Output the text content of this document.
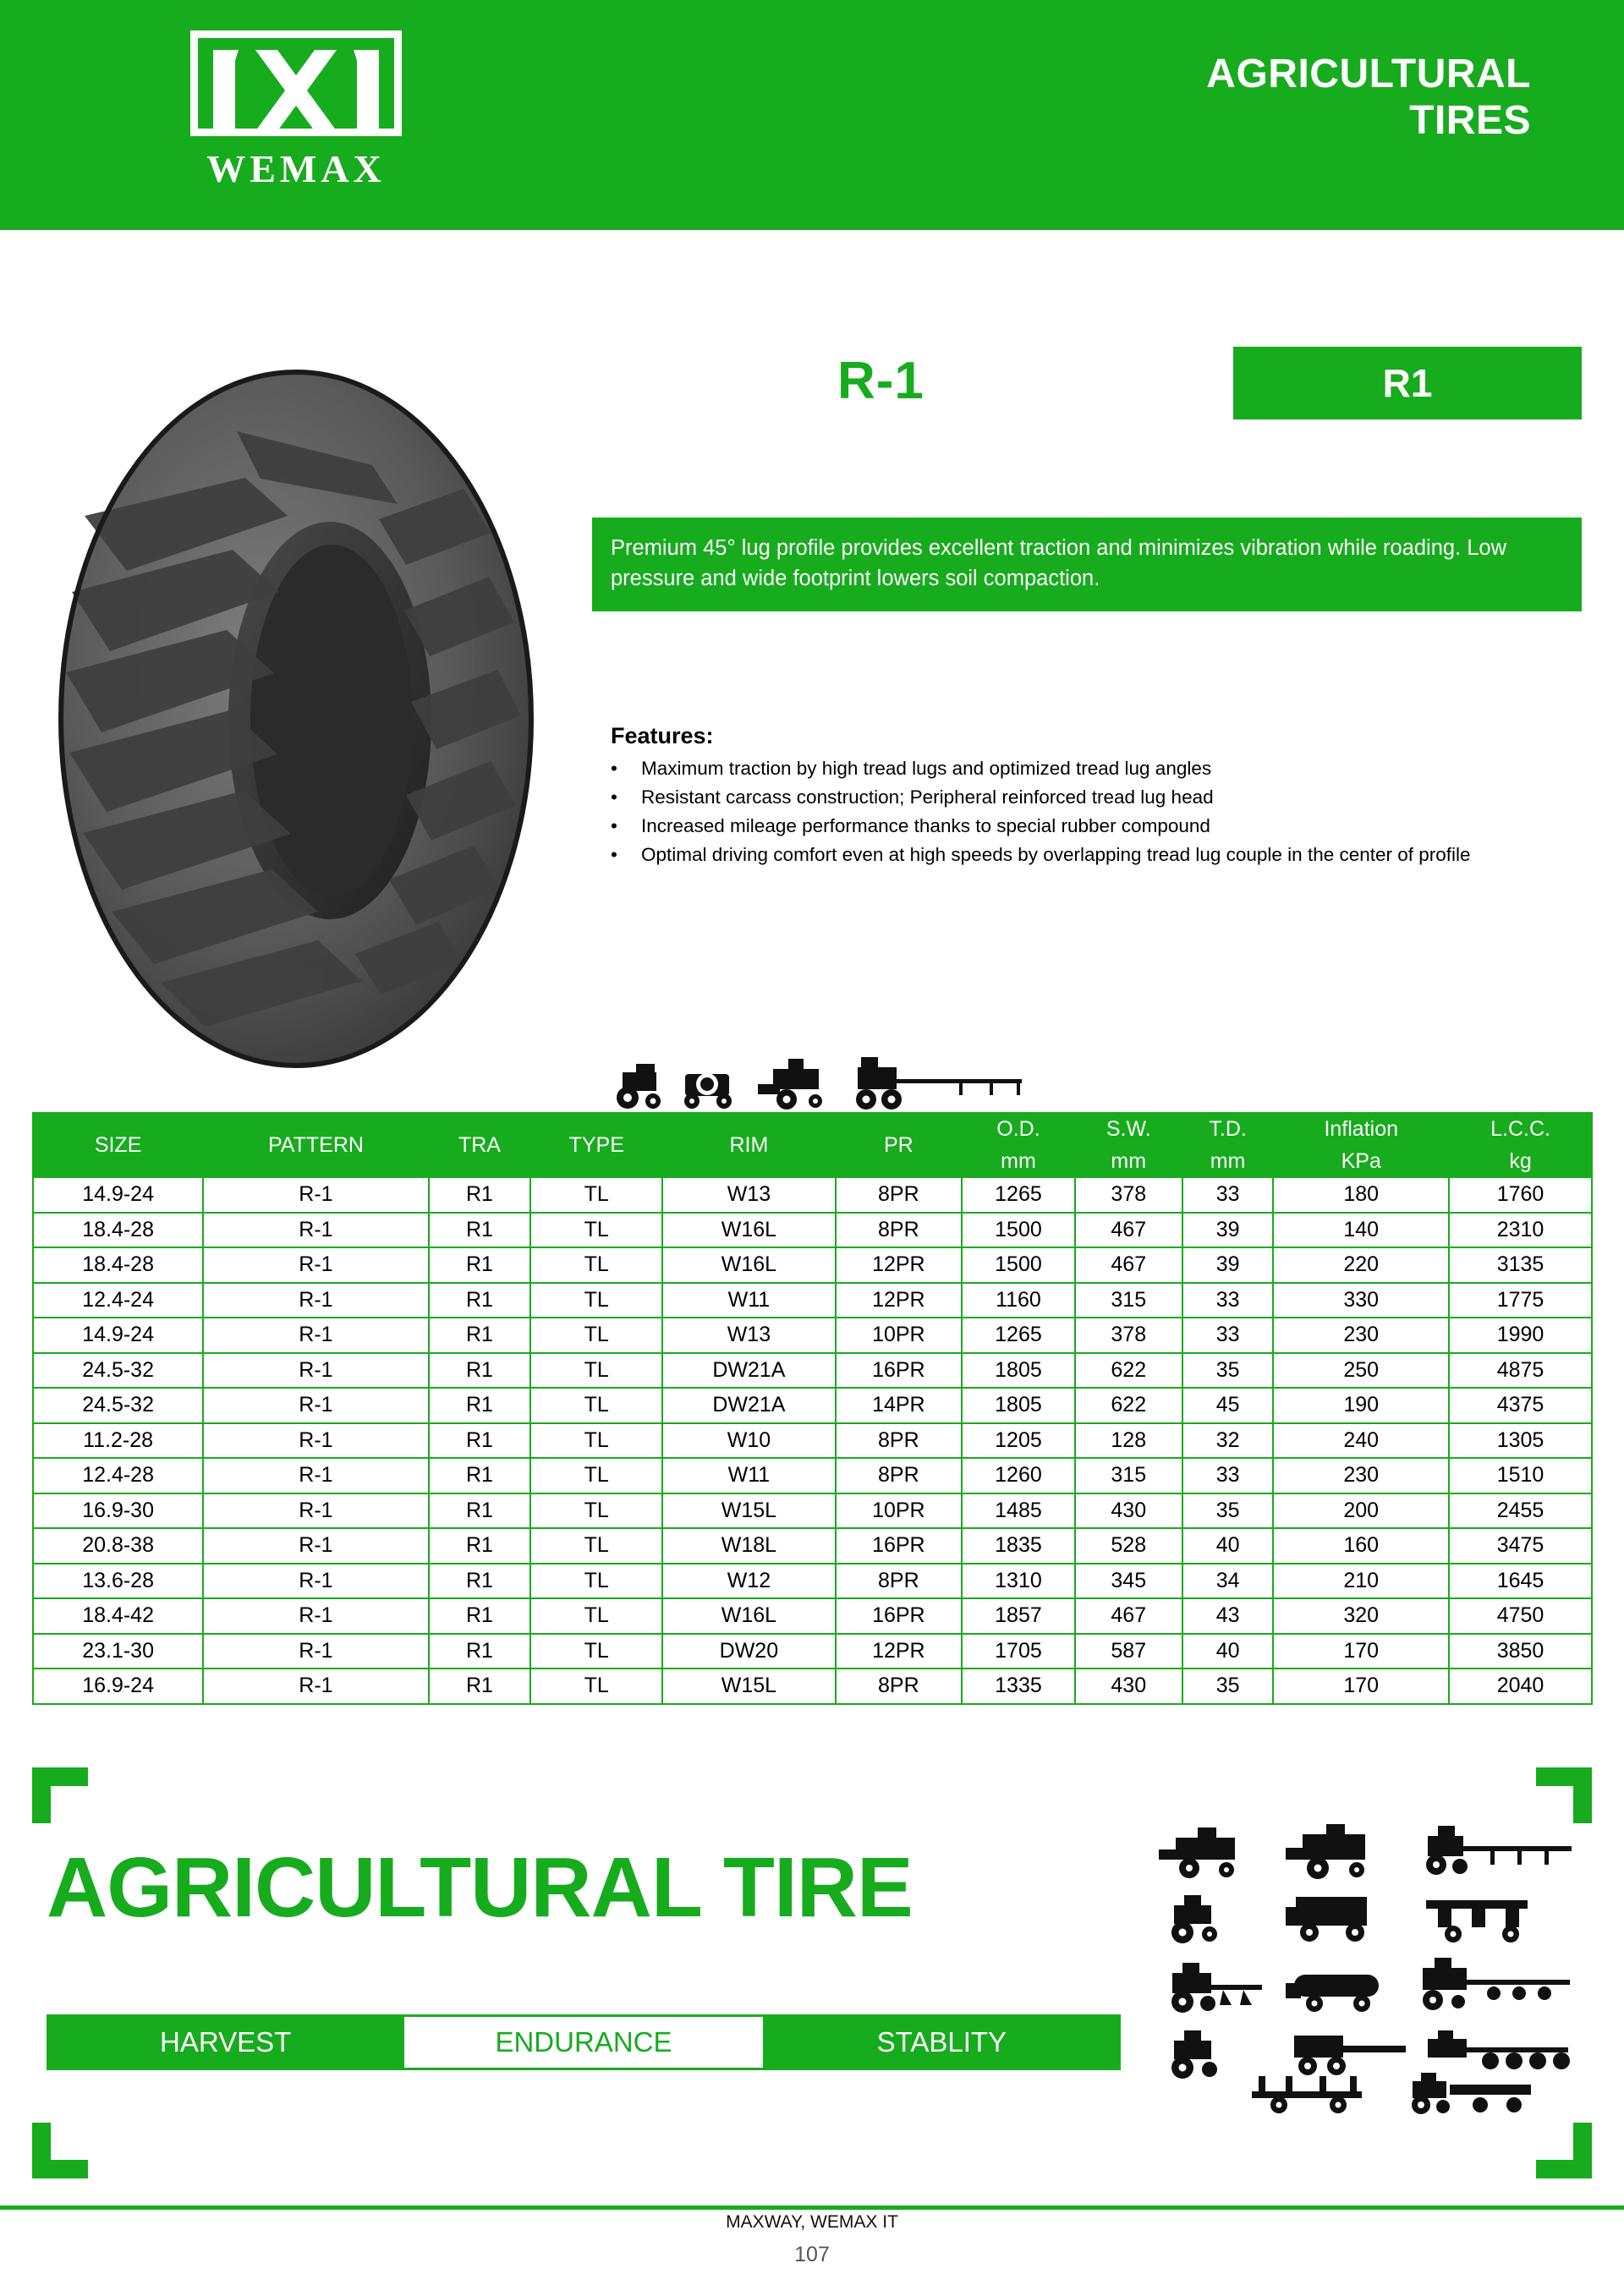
WEMAX
AGRICULTURAL
TIRES
R-1	R1
Premium 45° lug profile provides excellent traction and minimizes vibration while roading. Low pressure and wide footprint lowers soil compaction.
Features:
•	Maximum traction by high tread lugs and optimized tread lug angles
•	Resistant carcass construction; Peripheral reinforced tread lug head
•	Increased mileage performance thanks to special rubber compound
•	Optimal driving comfort even at high speeds by overlapping tread lug couple in the center of profile
SIZE	PATTERN	TRA	TYPE	RIM	PR	O.D.	S.W.	T.D.	Inflation	L.C.C.
						mm	mm	mm	KPa	kg
14.9-24	R-1	R1	TL	W13	8PR	1265	378	33	180	1760
18.4-28	R-1	R1	TL	W16L	8PR	1500	467	39	140	2310
18.4-28	R-1	R1	TL	W16L	12PR	1500	467	39	220	3135
12.4-24	R-1	R1	TL	W11	12PR	1160	315	33	330	1775
14.9-24	R-1	R1	TL	W13	10PR	1265	378	33	230	1990
24.5-32	R-1	R1	TL	DW21A	16PR	1805	622	35	250	4875
24.5-32	R-1	R1	TL	DW21A	14PR	1805	622	45	190	4375
11.2-28	R-1	R1	TL	W10	8PR	1205	128	32	240	1305
12.4-28	R-1	R1	TL	W11	8PR	1260	315	33	230	1510
16.9-30	R-1	R1	TL	W15L	10PR	1485	430	35	200	2455
20.8-38	R-1	R1	TL	W18L	16PR	1835	528	40	160	3475
13.6-28	R-1	R1	TL	W12	8PR	1310	345	34	210	1645
18.4-42	R-1	R1	TL	W16L	16PR	1857	467	43	320	4750
23.1-30	R-1	R1	TL	DW20	12PR	1705	587	40	170	3850
16.9-24	R-1	R1	TL	W15L	8PR	1335	430	35	170	2040
AGRICULTURAL TIRE
HARVEST	ENDURANCE	STABLITY
MAXWAY, WEMAX IT
107
